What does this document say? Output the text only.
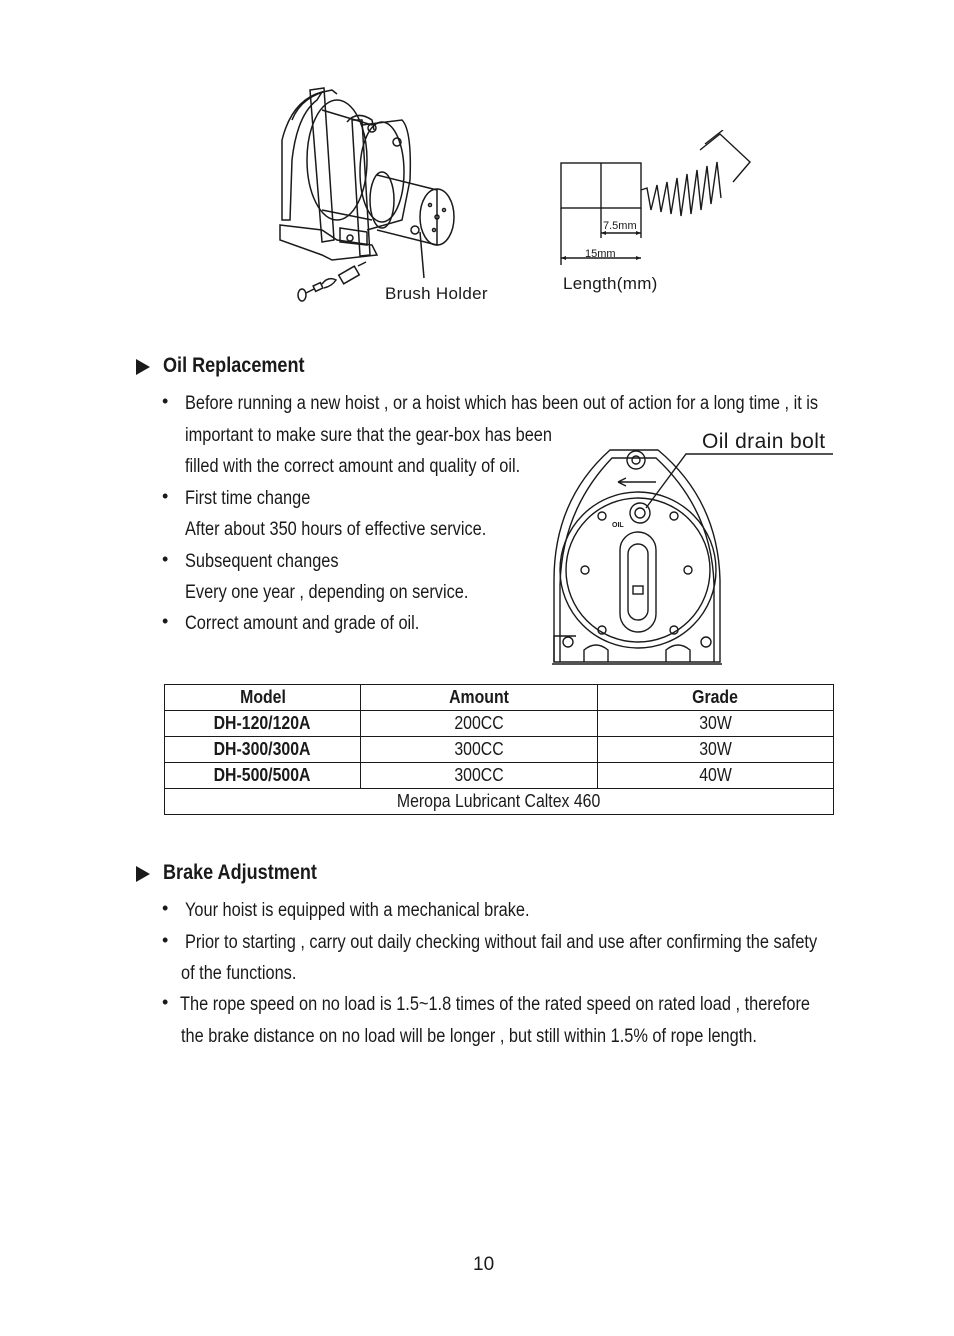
Brush Holder
7.5mm
15mm
Length(mm)
Oil Replacement
• Before running a new hoist , or a hoist which has been out of action for a long time , it is
important to make sure that the gear-box has been
filled with the correct amount and quality of oil.
• First time change
After about 350 hours of effective service.
• Subsequent changes
Every one year , depending on service.
• Correct amount and grade of oil.
OIL
Oil drain bolt
Model	Amount	Grade
DH-120/120A	200CC	30W
DH-300/300A	300CC	30W
DH-500/500A	300CC	40W
Meropa Lubricant Caltex 460		
Brake Adjustment
• Your hoist is equipped with a mechanical brake.
• Prior to starting , carry out daily checking without fail and use after confirming the safety
of the functions.
• The rope speed on no load is 1.5~1.8 times of the rated speed on rated load , therefore
the brake distance on no load will be longer , but still within 1.5% of rope length.
10
